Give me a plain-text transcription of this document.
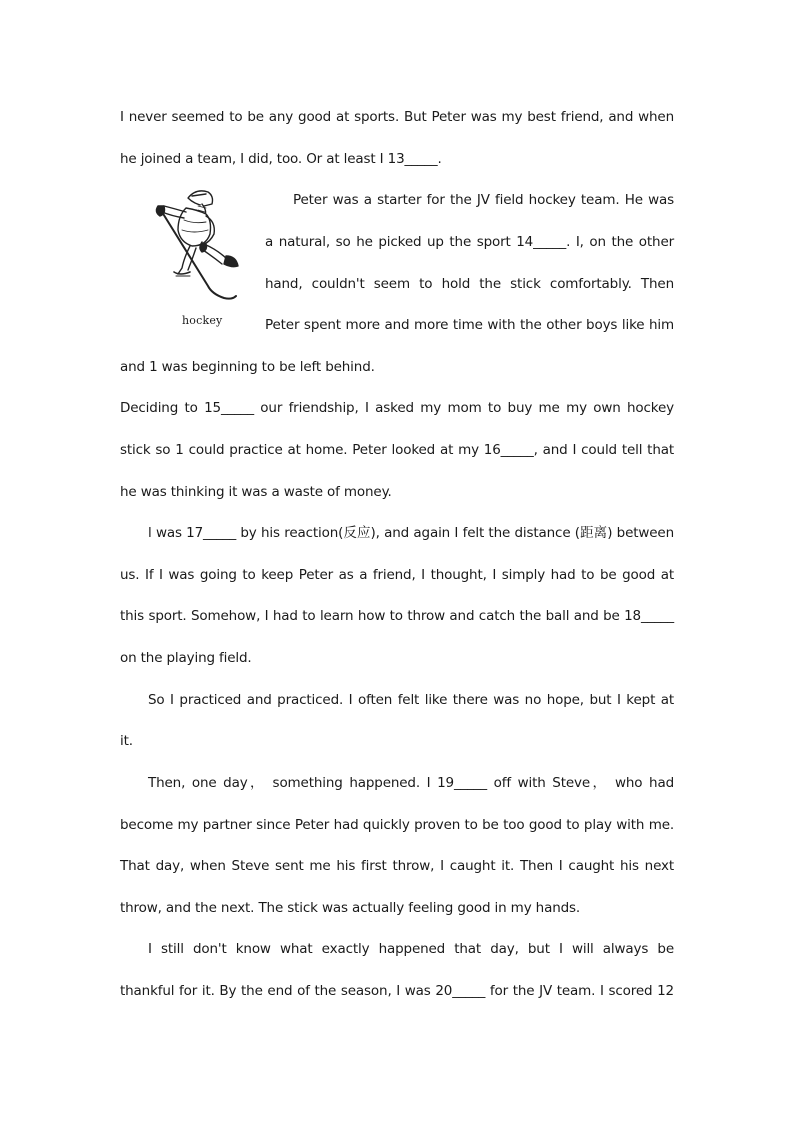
I never seemed to be any good at sports. But Peter was my best friend, and when
he joined a team, I did, too. Or at least I 13_____.
hockey
Peter was a starter for the JV field hockey team. He was
a natural, so he picked up the sport 14_____. I, on the other
hand, couldn't seem to hold the stick comfortably. Then
Peter spent more and more time with the other boys like him
and 1 was beginning to be left behind.
Deciding to 15_____ our friendship, I asked my mom to buy me my own hockey
stick so 1 could practice at home. Peter looked at my 16_____, and I could tell that
he was thinking it was a waste of money.
l was 17_____ by his reaction(反应), and again I felt the distance (距离) between
us. If I was going to keep Peter as a friend, I thought, I simply had to be good at
this sport. Somehow, I had to learn how to throw and catch the ball and be 18_____
on the playing field.
So I practiced and practiced. I often felt like there was no hope, but I kept at
it.
Then, one day， something happened. I 19_____ off with Steve， who had
become my partner since Peter had quickly proven to be too good to play with me.
That day, when Steve sent me his first throw, I caught it. Then I caught his next
throw, and the next. The stick was actually feeling good in my hands.
I still don't know what exactly happened that day, but I will always be
thankful for it. By the end of the season, I was 20_____ for the JV team. I scored 12
